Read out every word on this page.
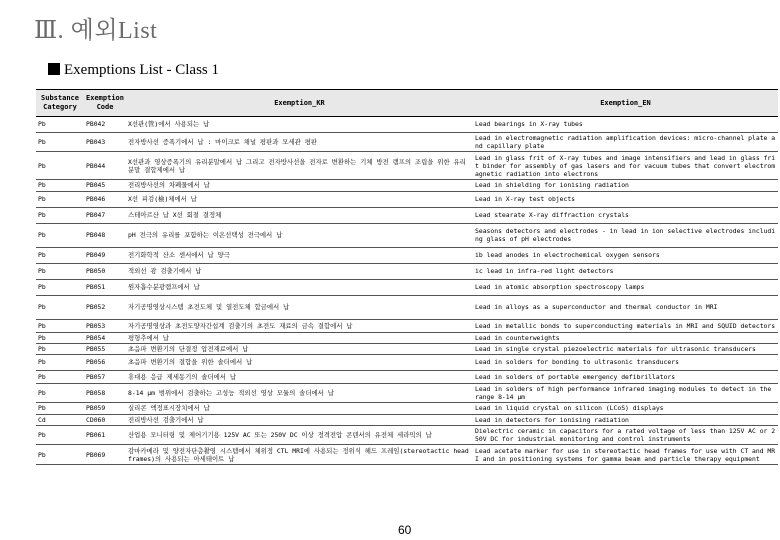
Ⅲ. 예외List
Exemptions List - Class 1
Substance Category	Exemption Code	Exemption_KR	Exemption_EN
Pb	PB042	X선관(管)에서 사용되는 납	Lead bearings in X-ray tubes
Pb	PB043	전자방사선 증폭기에서 납 : 마이크로 채널 평판과 모세관 평판	Lead in electromagnetic radiation amplification devices: micro-channel plate and capillary plate
Pb	PB044	X선관과 영상증폭기의 유리분말에서 납 그리고 전자방사선을 전자로 변환하는 기체 방전 램프의 조립을 위한 유리분말 결합제에서 납	Lead in glass frit of X-ray tubes and image intensifiers and lead in glass frit binder for assembly of gas lasers and for vacuum tubes that convert electromagnetic radiation into electrons
Pb	PB045	전리방사선의 차폐물에서 납	Lead in shielding for ionising radiation
Pb	PB046	X선 피검(檢)체에서 납	Lead in X-ray test objects
Pb	PB047	스테아르산 납 X선 회절 결정체	Lead stearate X-ray diffraction crystals
Pb	PB048	pH 전극의 유리를 포함하는 이온선택성 전극에서 납	Seasons detectors and electrodes - in lead in ion selective electrodes including glass of pH electrodes
Pb	PB049	전기화학적 산소 센서에서 납 양극	ib lead anodes in electrochemical oxygen sensors
Pb	PB050	적외선 광 검출기에서 납	ic lead in infra-red light detectors
Pb	PB051	원자흡수분광램프에서 납	Lead in atomic absorption spectroscopy lamps
Pb	PB052	자기공명영상시스템 초전도체 및 열전도체 합금에서 납	Lead in alloys as a superconductor and thermal conductor in MRI
Pb	PB053	자기공명영상과 초전도양자간섭계 검출기의 초전도 재료의 금속 결합에서 납	Lead in metallic bonds to superconducting materials in MRI and SQUID detectors
Pb	PB054	평형추에서 납	Lead in counterweights
Pb	PB055	초음파 변환기의 단결정 압전재료에서 납	Lead in single crystal piezoelectric materials for ultrasonic transducers
Pb	PB056	초음파 변환기의 결합을 위한 솔더에서 납	Lead in solders for bonding to ultrasonic transducers
Pb	PB057	휴대용 응급 제세동기의 솔더에서 납	Lead in solders of portable emergency defibrillators
Pb	PB058	8-14 μm 범위에서 검출하는 고성능 적외선 영상 모듈의 솔더에서 납	Lead in solders of high performance infrared imaging modules to detect in the range 8-14 μm
Pb	PB059	실리콘 액정표시장치에서 납	Lead in liquid crystal on silicon (LCoS) displays
Cd	CD060	전리방사선 검출기에서 납	Lead in detectors for ionising radiation
Pb	PB061	산업용 모니터링 및 제어기기용 125V AC 또는 250V DC 이상 정격전압 콘덴서의 유전체 세라믹의 납	Dielectric ceramic in capacitors for a rated voltage of less than 125V AC or 250V DC for industrial monitoring and control instruments
Pb	PB069	감마카메라 및 양전자단층촬영 시스템에서 체위정 CTL MRI에 사용되는 정위식 헤드 프레임(stereotactic head frames)의 사용되는 아세테이트 납	Lead acetate marker for use in stereotactic head frames for use with CT and MRI and in positioning systems for gamma beam and particle therapy equipment
60
